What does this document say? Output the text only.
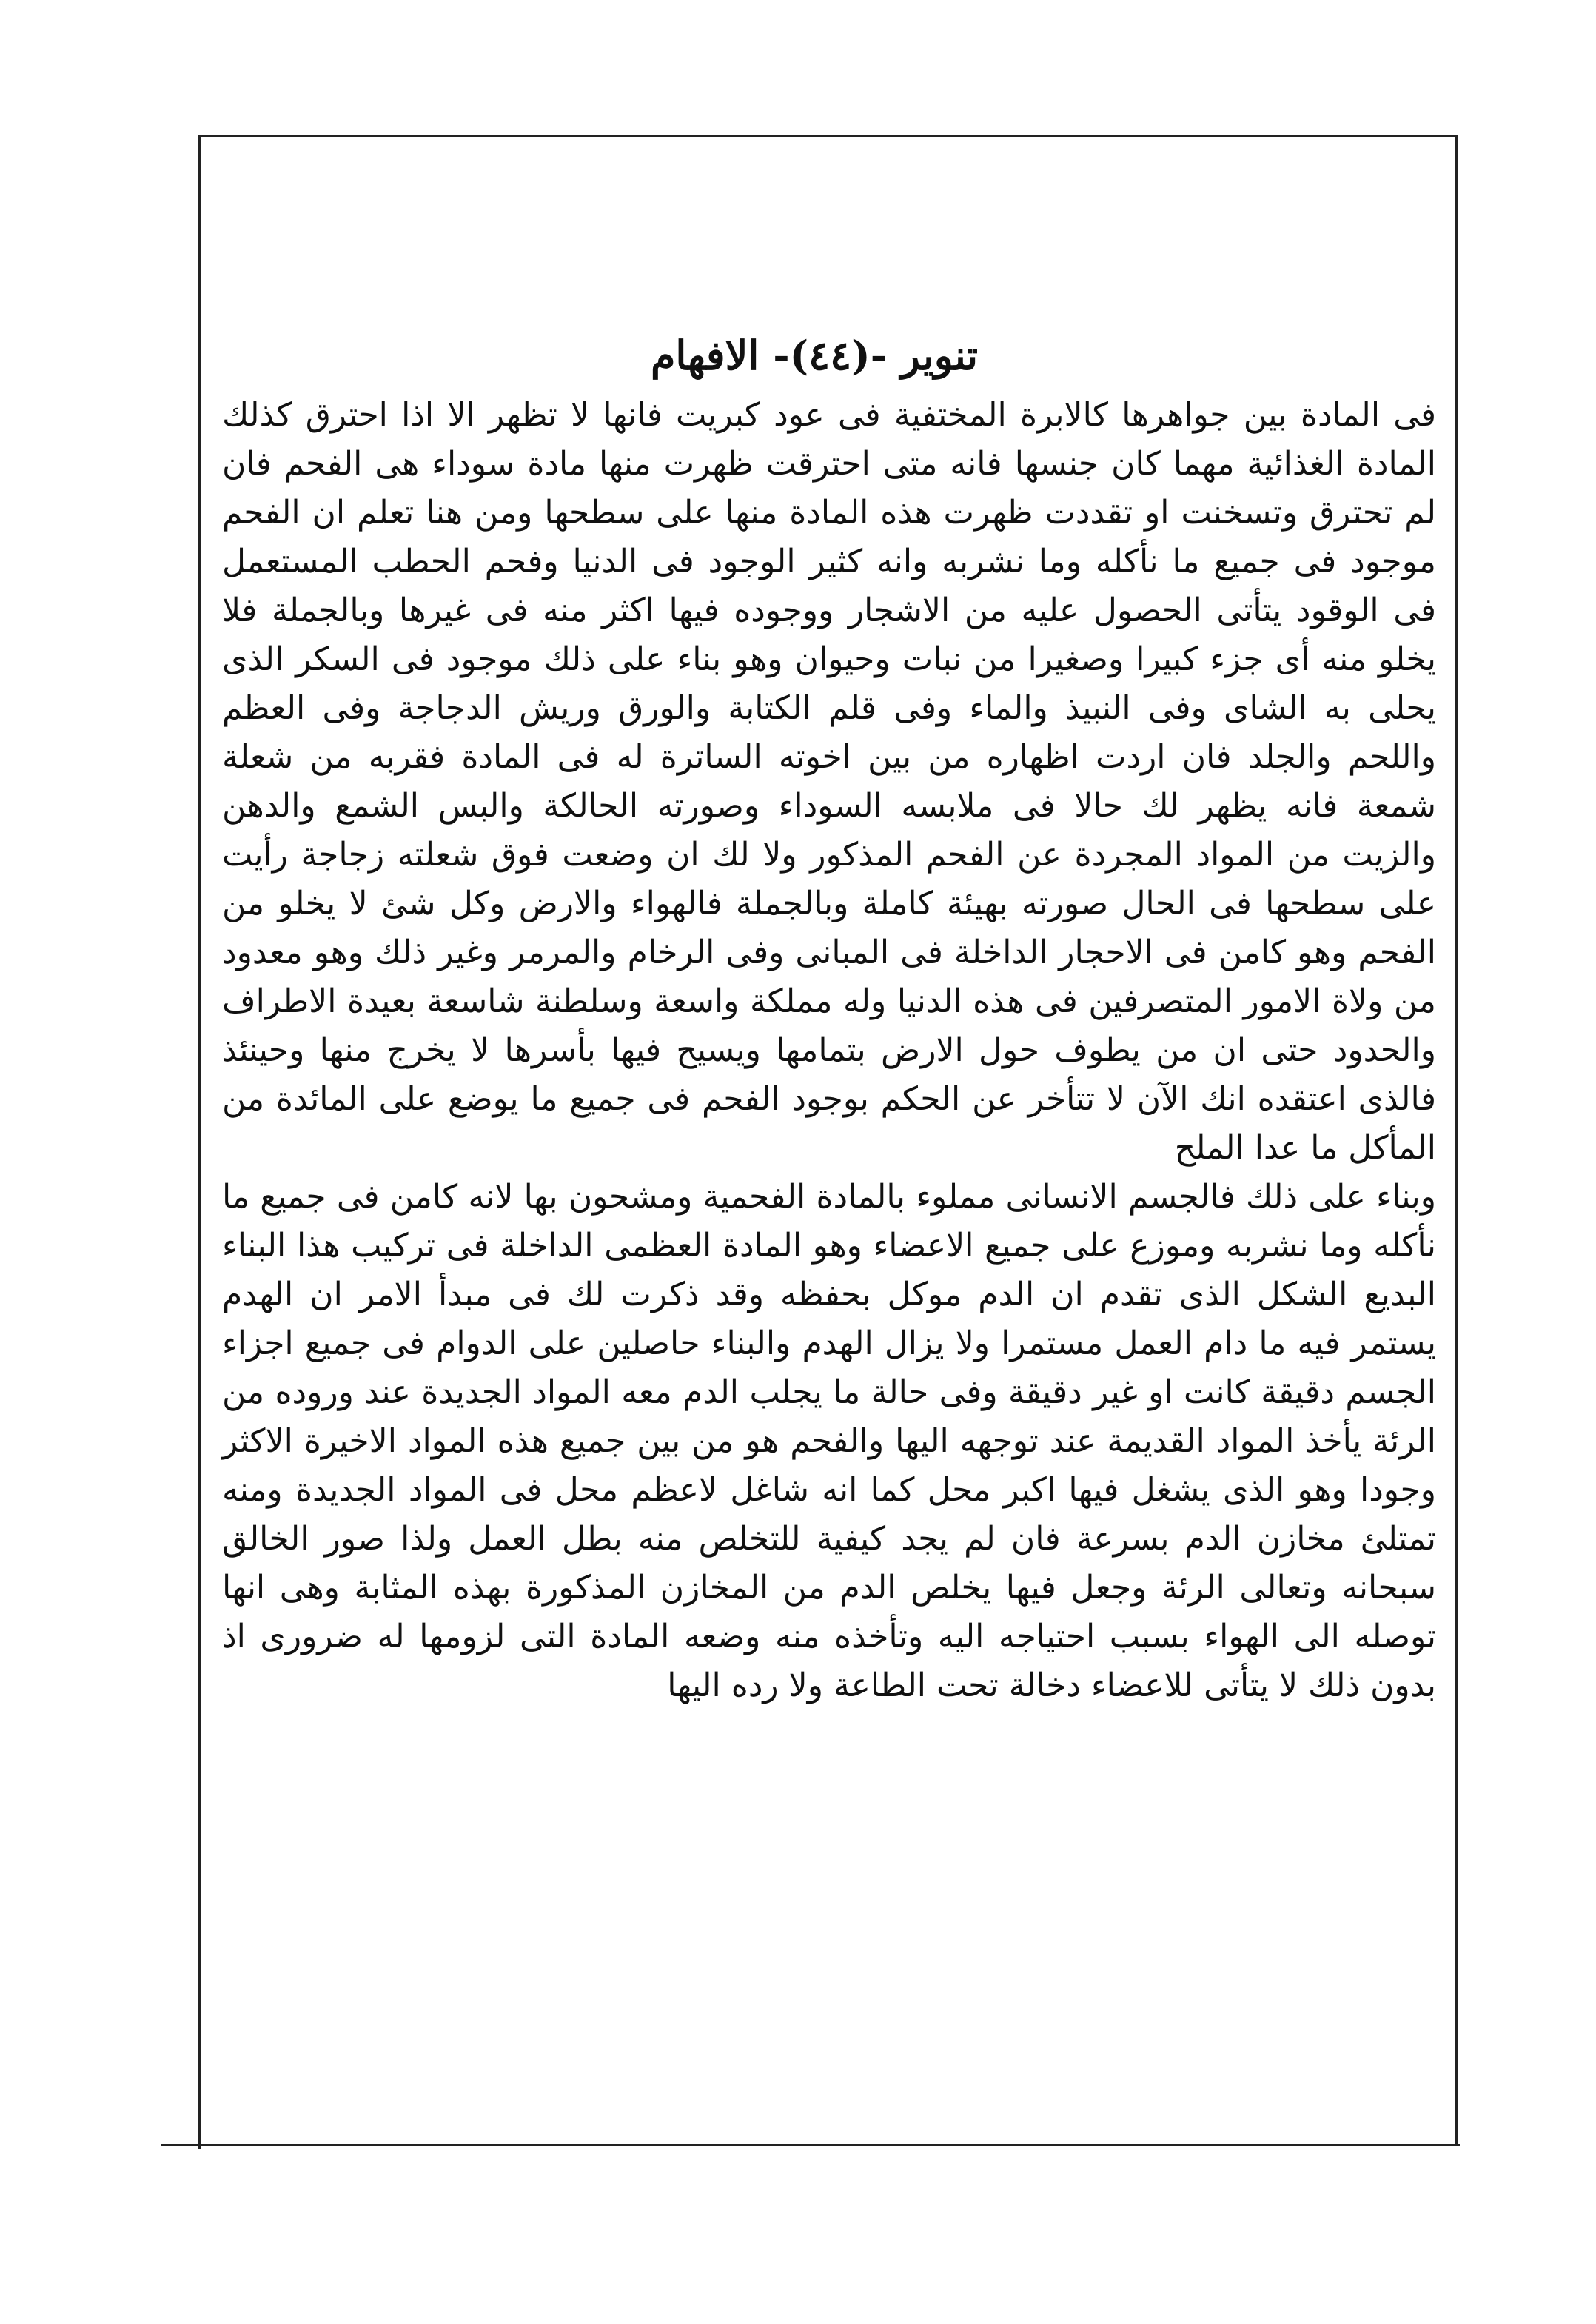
تنوير -(٤٤)- الافهام

فى المادة بين جواهرها كالابرة المختفية فى عود كبريت فانها لا تظهر الا اذا احترق كذلك المادة الغذائية مهما كان جنسها فانه متى احترقت ظهرت منها مادة سوداء هى الفحم فان لم تحترق وتسخنت او تقددت ظهرت هذه المادة منها على سطحها ومن هنا تعلم ان الفحم موجود فى جميع ما نأكله وما نشربه وانه كثير الوجود فى الدنيا وفحم الحطب المستعمل فى الوقود يتأتى الحصول عليه من الاشجار ووجوده فيها اكثر منه فى غيرها وبالجملة فلا يخلو منه أى جزء كبيرا وصغيرا من نبات وحيوان وهو بناء على ذلك موجود فى السكر الذى يحلى به الشاى وفى النبيذ والماء وفى قلم الكتابة والورق وريش الدجاجة وفى العظم واللحم والجلد فان اردت اظهاره من بين اخوته الساترة له فى المادة فقربه من شعلة شمعة فانه يظهر لك حالا فى ملابسه السوداء وصورته الحالكة والبس الشمع والدهن والزيت من المواد المجردة عن الفحم المذكور ولا لك ان وضعت فوق شعلته زجاجة رأيت على سطحها فى الحال صورته بهيئة كاملة وبالجملة فالهواء والارض وكل شئ لا يخلو من الفحم وهو كامن فى الاحجار الداخلة فى المبانى وفى الرخام والمرمر وغير ذلك وهو معدود من ولاة الامور المتصرفين فى هذه الدنيا وله مملكة واسعة وسلطنة شاسعة بعيدة الاطراف والحدود حتى ان من يطوف حول الارض بتمامها ويسيح فيها بأسرها لا يخرج منها وحينئذ فالذى اعتقده انك الآن لا تتأخر عن الحكم بوجود الفحم فى جميع ما يوضع على المائدة من المأكل ما عدا الملح

وبناء على ذلك فالجسم الانسانى مملوء بالمادة الفحمية ومشحون بها لانه كامن فى جميع ما نأكله وما نشربه وموزع على جميع الاعضاء وهو المادة العظمى الداخلة فى تركيب هذا البناء البديع الشكل الذى تقدم ان الدم موكل بحفظه وقد ذكرت لك فى مبدأ الامر ان الهدم يستمر فيه ما دام العمل مستمرا ولا يزال الهدم والبناء حاصلين على الدوام فى جميع اجزاء الجسم دقيقة كانت او غير دقيقة وفى حالة ما يجلب الدم معه المواد الجديدة عند وروده من الرئة يأخذ المواد القديمة عند توجهه اليها والفحم هو من بين جميع هذه المواد الاخيرة الاكثر وجودا وهو الذى يشغل فيها اكبر محل كما انه شاغل لاعظم محل فى المواد الجديدة ومنه تمتلئ مخازن الدم بسرعة فان لم يجد كيفية للتخلص منه بطل العمل ولذا صور الخالق سبحانه وتعالى الرئة وجعل فيها يخلص الدم من المخازن المذكورة بهذه المثابة وهى انها توصله الى الهواء بسبب احتياجه اليه وتأخذه منه وضعه المادة التى لزومها له ضرورى اذ بدون ذلك لا يتأتى للاعضاء دخالة تحت الطاعة ولا رده اليها
